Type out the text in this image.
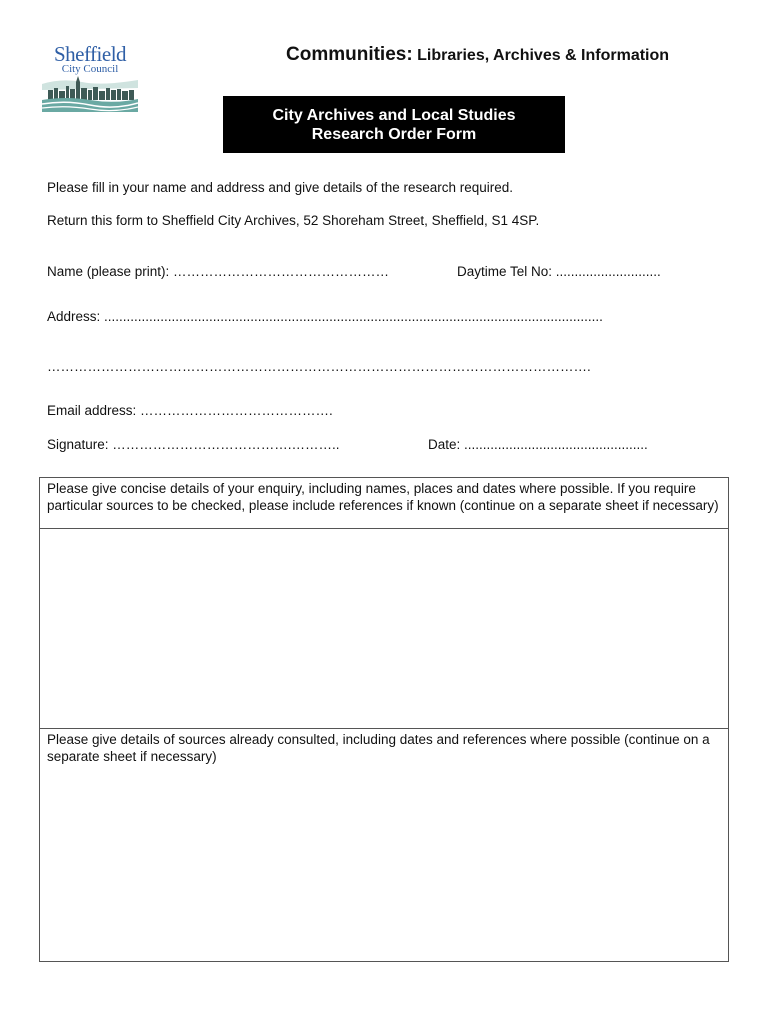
Sheffield
City Council
Communities: Libraries, Archives & Information
City Archives and Local Studies
Research Order Form
Please fill in your name and address and give details of the research required.
Return this form to Sheffield City Archives, 52 Shoreham Street, Sheffield, S1 4SP.
Name (please print): …………………………………………	Daytime Tel No: ............................
Address: .....................................................................................................................................
………………………………………………………………………………………………………….
Email address: …………………………………….
Signature: ………………………………….………..	Date: .................................................
Please give concise details of your enquiry, including names, places and dates where possible. If you require particular sources to be checked, please include references if known (continue on a separate sheet if necessary)
Please give details of sources already consulted, including dates and references where possible (continue on a separate sheet if necessary)
